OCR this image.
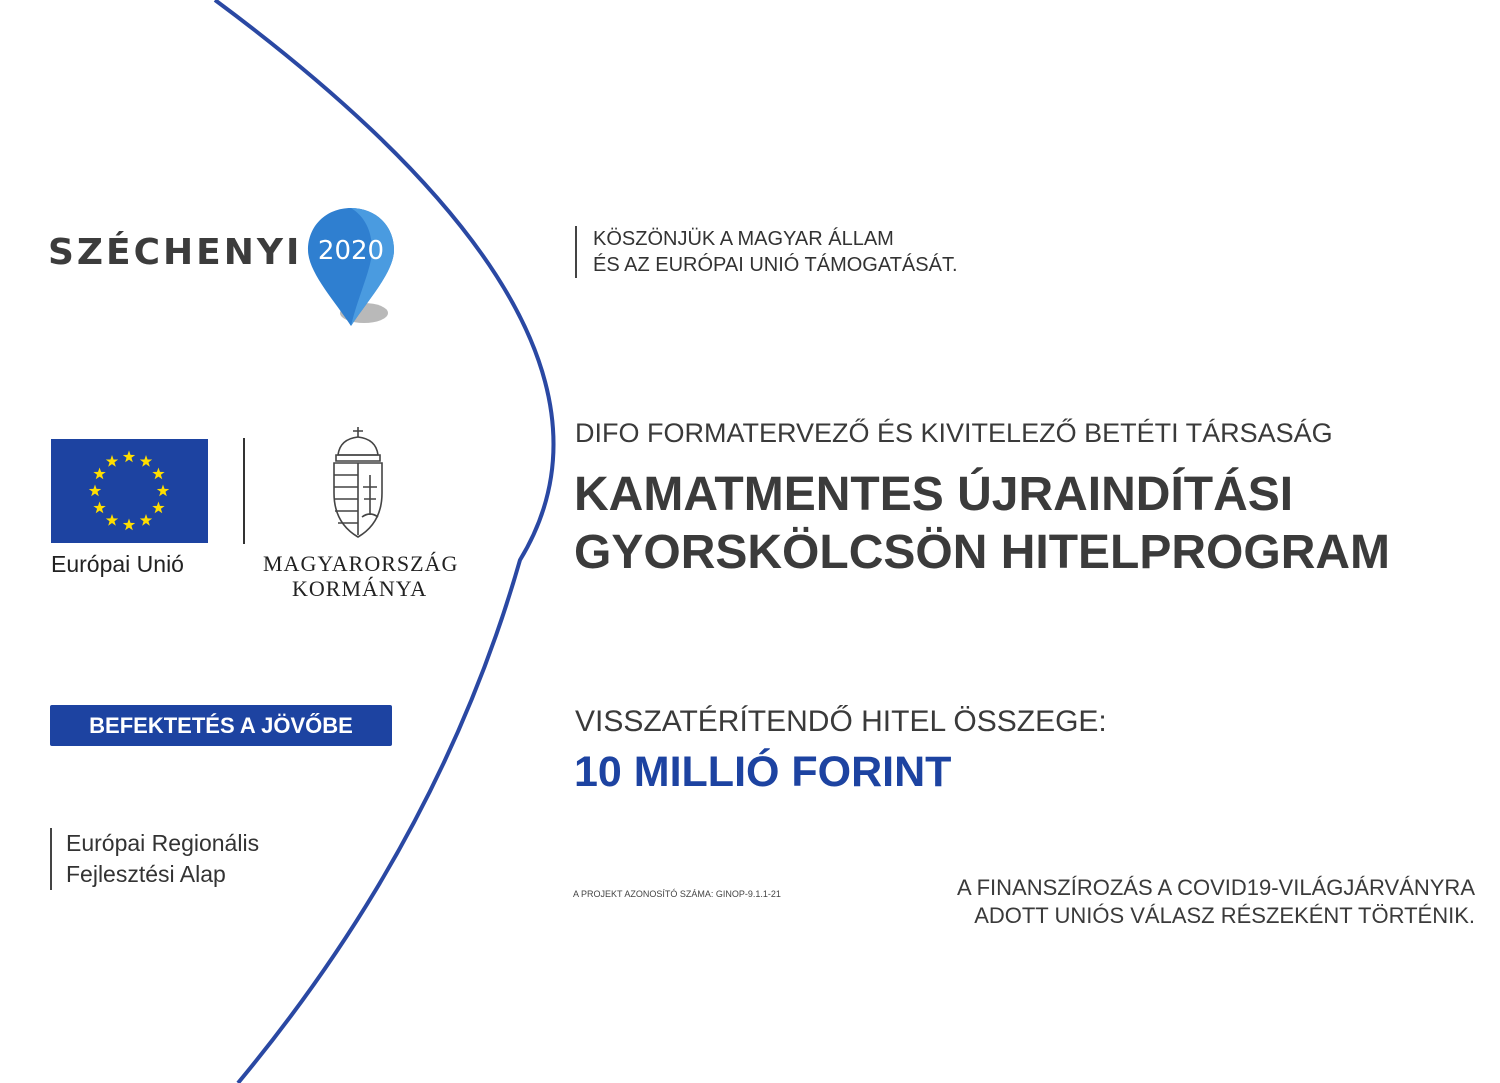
SZÉCHENYI 2020	KÖSZÖNJÜK A MAGYAR ÁLLAM
ÉS AZ EURÓPAI UNIÓ TÁMOGATÁSÁT.
Európai Unió	MAGYARORSZÁG
KORMÁNYA
BEFEKTETÉS A JÖVŐBE
Európai Regionális
Fejlesztési Alap
DIFO FORMATERVEZŐ ÉS KIVITELEZŐ BETÉTI TÁRSASÁG
KAMATMENTES ÚJRAINDÍTÁSI
GYORSKÖLCSÖN HITELPROGRAM
VISSZATÉRÍTENDŐ HITEL ÖSSZEGE:
10 MILLIÓ FORINT
A PROJEKT AZONOSÍTÓ SZÁMA: GINOP-9.1.1-21	A FINANSZÍROZÁS A COVID19-VILÁGJÁRVÁNYRA
ADOTT UNIÓS VÁLASZ RÉSZEKÉNT TÖRTÉNIK.
